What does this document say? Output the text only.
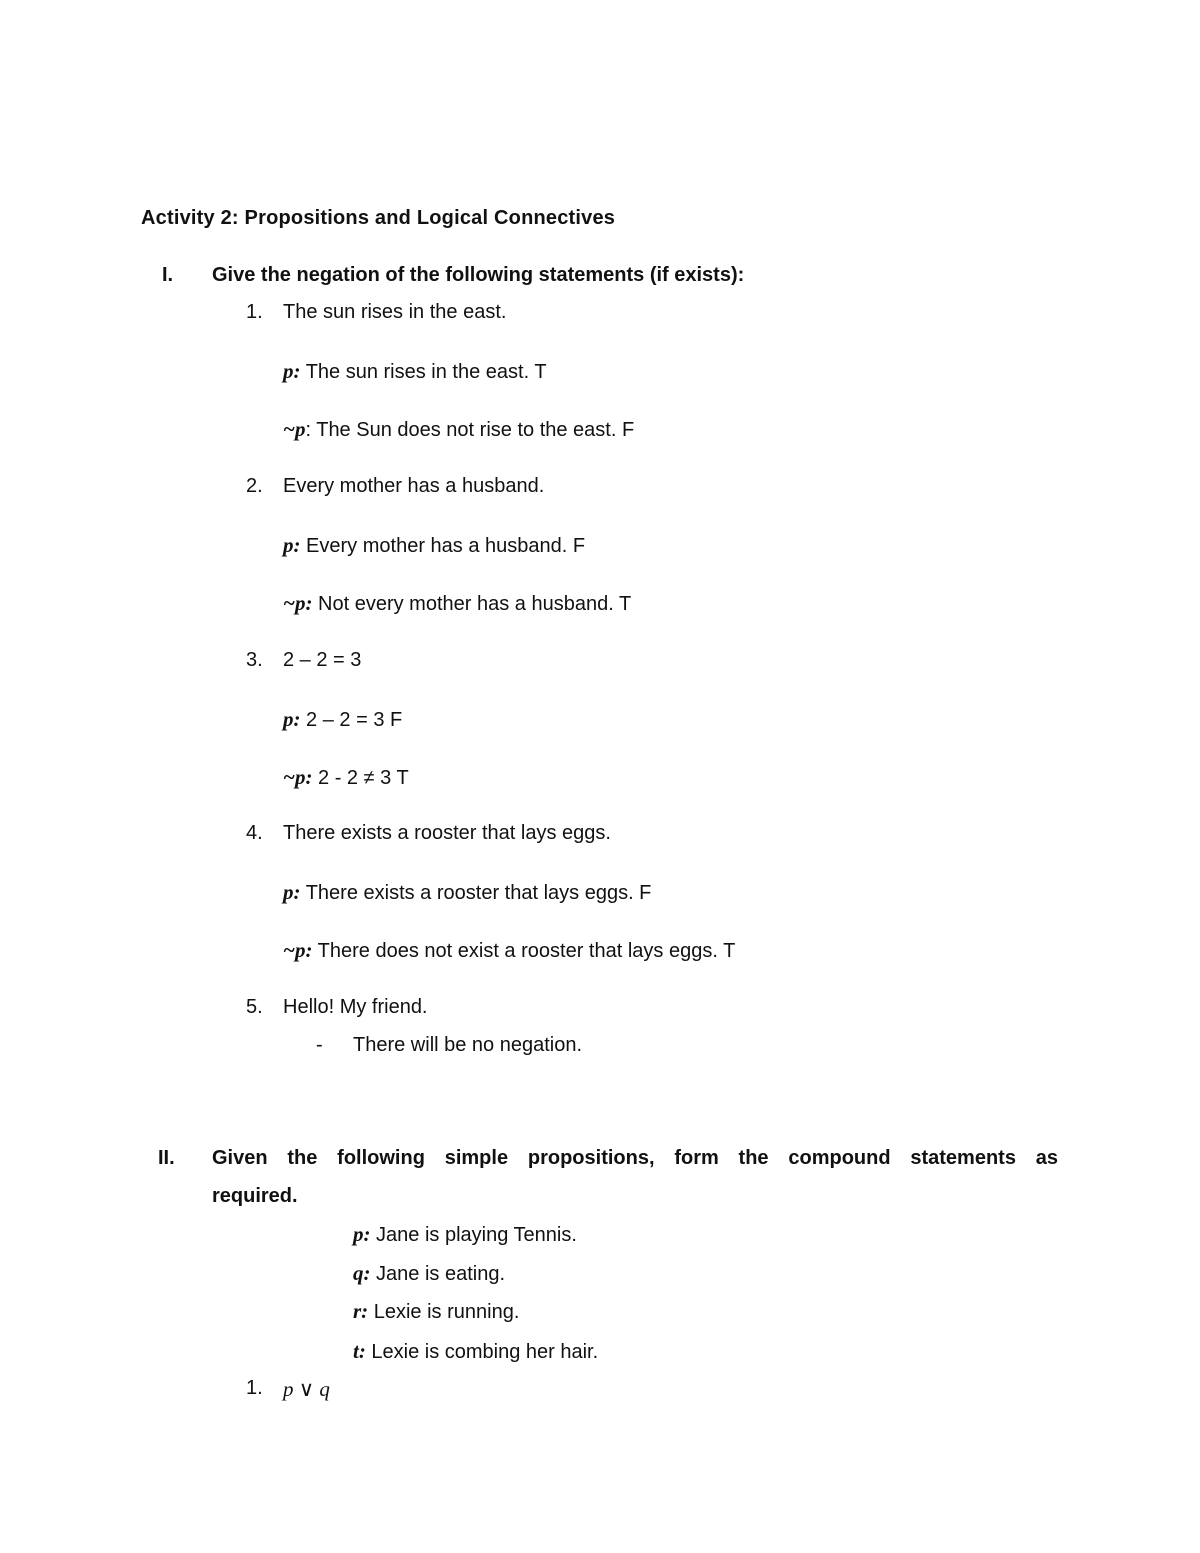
Activity 2: Propositions and Logical Connectives
I. Give the negation of the following statements (if exists):
1. The sun rises in the east.
p: The sun rises in the east. T
~p: The Sun does not rise to the east. F
2. Every mother has a husband.
p: Every mother has a husband. F
~p: Not every mother has a husband. T
3. 2 – 2 = 3
p: 2 – 2 = 3 F
~p: 2 - 2 ≠ 3 T
4. There exists a rooster that lays eggs.
p: There exists a rooster that lays eggs. F
~p: There does not exist a rooster that lays eggs. T
5. Hello! My friend.
- There will be no negation.
II. Given the following simple propositions, form the compound statements as
required.
p: Jane is playing Tennis.
q: Jane is eating.
r: Lexie is running.
t: Lexie is combing her hair.
1. p ∨ q
